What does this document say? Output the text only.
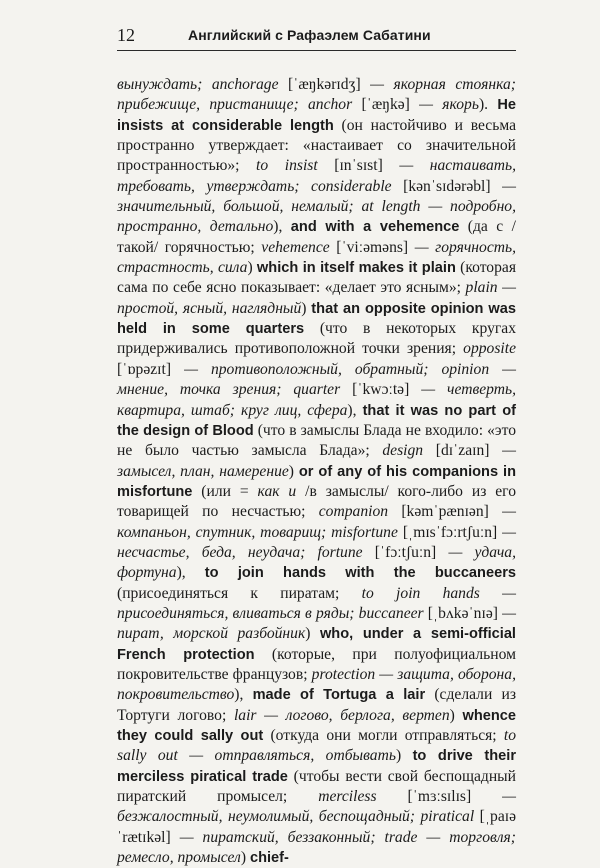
12	Английский с Рафаэлем Сабатини
вынуждать; anchorage [ˈæŋkərɪdʒ] — якорная стоянка; прибежище, пристанище; anchor [ˈæŋkə] — якорь). He insists at considerable length (он настойчиво и весьма пространно утверждает: «настаивает со значительной пространностью»; to insist [ɪnˈsɪst] — настаивать, требовать, утверждать; considerable [kənˈsɪdərəbl] — значительный, большой, немалый; at length — подробно, пространно, детально), and with a vehemence (да с /такой/ горячностью; vehemence [ˈviːəməns] — горячность, страстность, сила) which in itself makes it plain (которая сама по себе ясно показывает: «делает это ясным»; plain — простой, ясный, наглядный) that an opposite opinion was held in some quarters (что в некоторых кругах придерживались противоположной точки зрения; opposite [ˈɒpəzɪt] — противоположный, обратный; opinion — мнение, точка зрения; quarter [ˈkwɔːtə] — четверть, квартира, штаб; круг лиц, сфера), that it was no part of the design of Blood (что в замыслы Блада не входило: «это не было частью замысла Блада»; design [dɪˈzaɪn] — замысел, план, намерение) or of any of his companions in misfortune (или = как и /в замыслы/ кого-либо из его товарищей по несчастью; companion [kəmˈpænɪən] — компаньон, спутник, товарищ; misfortune [ˌmɪsˈfɔːrtʃuːn] — несчастье, беда, неудача; fortune [ˈfɔːtʃuːn] — удача, фортуна), to join hands with the buccaneers (присоединяться к пиратам; to join hands — присоединяться, вливаться в ряды; buccaneer [ˌbʌkəˈnɪə] — пират, морской разбойник) who, under a semi-official French protection (которые, при полуофициальном покровительстве французов; protection — защита, оборона, покровительство), made of Tortuga a lair (сделали из Тортуги логово; lair — логово, берлога, вертеп) whence they could sally out (откуда они могли отправляться; to sally out — отправляться, отбывать) to drive their merciless piratical trade (чтобы вести свой беспощадный пиратский промысел; merciless [ˈmɜːsɪlɪs] — безжалостный, неумолимый, беспощадный; piratical [ˌpaɪəˈrætɪkəl] — пиратский, беззаконный; trade — торговля; ремесло, промысел) chief-
